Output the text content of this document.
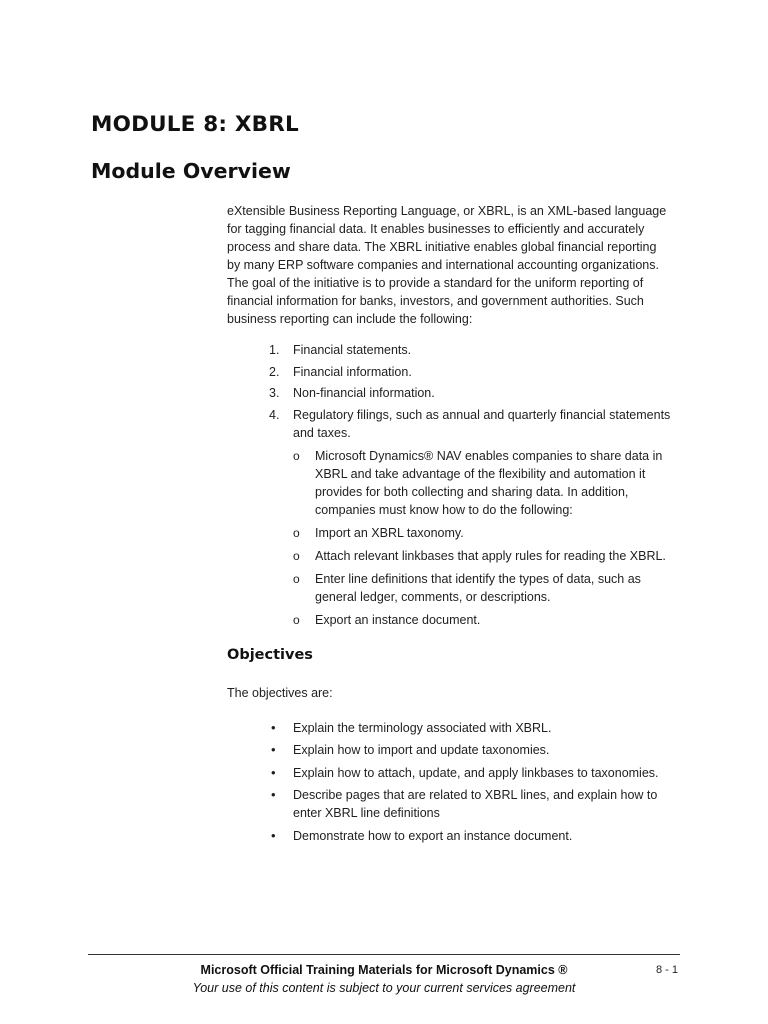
MODULE 8: XBRL
Module Overview

eXtensible Business Reporting Language, or XBRL, is an XML-based language for tagging financial data. It enables businesses to efficiently and accurately process and share data. The XBRL initiative enables global financial reporting by many ERP software companies and international accounting organizations. The goal of the initiative is to provide a standard for the uniform reporting of financial information for banks, investors, and government authorities. Such business reporting can include the following:

1. Financial statements.
2. Financial information.
3. Non-financial information.
4. Regulatory filings, such as annual and quarterly financial statements and taxes.
o Microsoft Dynamics® NAV enables companies to share data in XBRL and take advantage of the flexibility and automation it provides for both collecting and sharing data. In addition, companies must know how to do the following:
o Import an XBRL taxonomy.
o Attach relevant linkbases that apply rules for reading the XBRL.
o Enter line definitions that identify the types of data, such as general ledger, comments, or descriptions.
o Export an instance document.
Objectives

The objectives are:

• Explain the terminology associated with XBRL.
• Explain how to import and update taxonomies.
• Explain how to attach, update, and apply linkbases to taxonomies.
• Describe pages that are related to XBRL lines, and explain how to enter XBRL line definitions
• Demonstrate how to export an instance document.

Microsoft Official Training Materials for Microsoft Dynamics ®

Your use of this content is subject to your current services agreement

8 - 1
